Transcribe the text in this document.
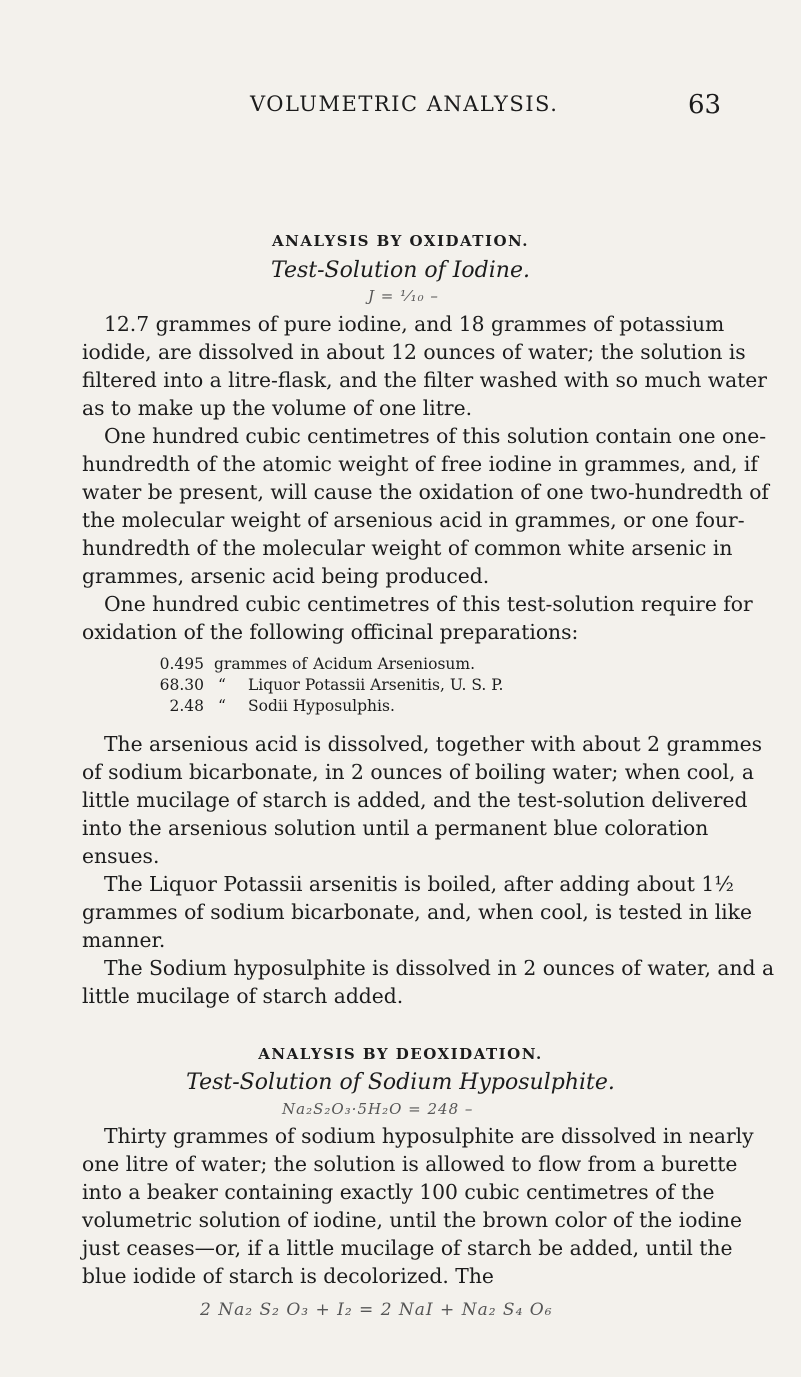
VOLUMETRIC ANALYSIS.	63
ANALYSIS BY OXIDATION.
Test-Solution of Iodine.
J = ¹⁄₁₀ –

12.7 grammes of pure iodine, and 18 grammes of potassium iodide, are dissolved in about 12 ounces of water; the solution is filtered into a litre-flask, and the filter washed with so much water as to make up the volume of one litre.

One hundred cubic centimetres of this solution contain one one-hundredth of the atomic weight of free iodine in grammes, and, if water be present, will cause the oxidation of one two-hundredth of the molecular weight of arsenious acid in grammes, or one four-hundredth of the molecular weight of common white arsenic in grammes, arsenic acid being produced.

One hundred cubic centimetres of this test-solution require for oxidation of the following officinal preparations:

0.495 grammes of Acidum Arseniosum.
68.30 “	Liquor Potassii Arsenitis, U. S. P.
2.48 “	Sodii Hyposulphis.

The arsenious acid is dissolved, together with about 2 grammes of sodium bicarbonate, in 2 ounces of boiling water; when cool, a little mucilage of starch is added, and the test-solution delivered into the arsenious solution until a permanent blue coloration ensues.

The Liquor Potassii arsenitis is boiled, after adding about 1½ grammes of sodium bicarbonate, and, when cool, is tested in like manner.

The Sodium hyposulphite is dissolved in 2 ounces of water, and a little mucilage of starch added.

ANALYSIS BY DEOXIDATION.
Test-Solution of Sodium Hyposulphite.
Na₂S₂O₃·5H₂O = 248 –

Thirty grammes of sodium hyposulphite are dissolved in nearly one litre of water; the solution is allowed to flow from a burette into a beaker containing exactly 100 cubic centimetres of the volumetric solution of iodine, until the brown color of the iodine just ceases—or, if a little mucilage of starch be added, until the blue iodide of starch is decolorized. The

2 Na₂ S₂ O₃ + I₂ = 2 NaI + Na₂ S₄ O₆
